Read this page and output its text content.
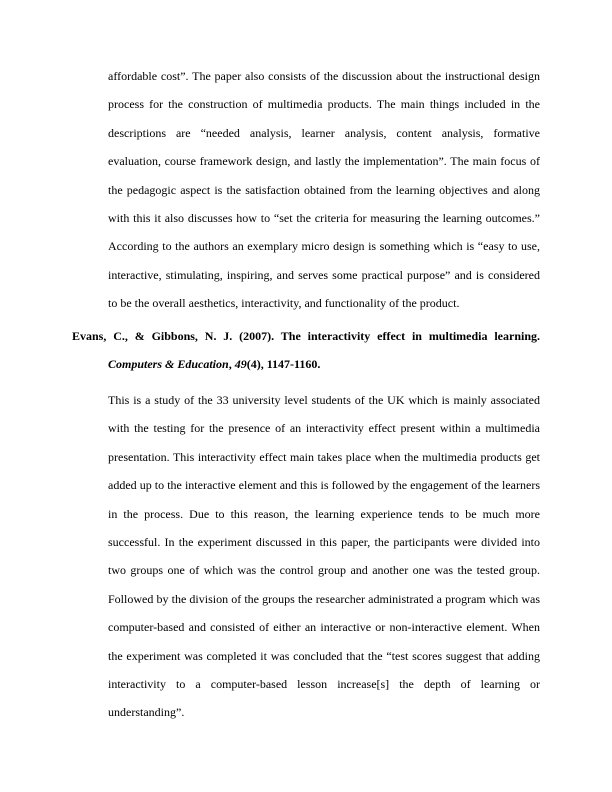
affordable cost”. The paper also consists of the discussion about the instructional design process for the construction of multimedia products. The main things included in the descriptions are “needed analysis, learner analysis, content analysis, formative evaluation, course framework design, and lastly the implementation”. The main focus of the pedagogic aspect is the satisfaction obtained from the learning objectives and along with this it also discusses how to “set the criteria for measuring the learning outcomes.” According to the authors an exemplary micro design is something which is “easy to use, interactive, stimulating, inspiring, and serves some practical purpose” and is considered to be the overall aesthetics, interactivity, and functionality of the product.

Evans, C., & Gibbons, N. J. (2007). The interactivity effect in multimedia learning. Computers & Education, 49(4), 1147-1160.

This is a study of the 33 university level students of the UK which is mainly associated with the testing for the presence of an interactivity effect present within a multimedia presentation. This interactivity effect main takes place when the multimedia products get added up to the interactive element and this is followed by the engagement of the learners in the process. Due to this reason, the learning experience tends to be much more successful. In the experiment discussed in this paper, the participants were divided into two groups one of which was the control group and another one was the tested group. Followed by the division of the groups the researcher administrated a program which was computer-based and consisted of either an interactive or non-interactive element. When the experiment was completed it was concluded that the “test scores suggest that adding interactivity to a computer-based lesson increase[s] the depth of learning or understanding”.
